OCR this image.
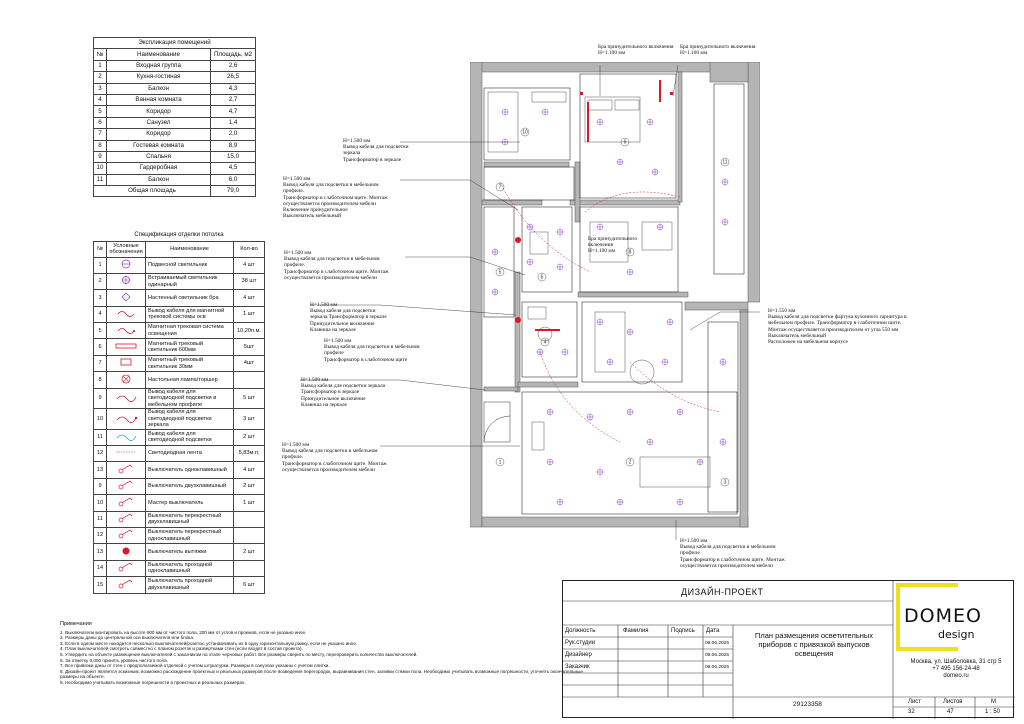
Экспликация помещений		
№	Наименование	Площадь, м2
1	Входная группа	2,6
2	Кухня-гостиная	26,5
3	Балкон	4,3
4	Ванная комната	2,7
5	Коридор	4,7
6	Санузел	1,4
7	Коридор	2,0
8	Гостевая комната	8,9
9	Спальня	15,0
10	Гардеробная	4,5
11	Балкон	6,0
Общая площадь		79,0
Спецификация отделки потолка			
№	Условные обозначения	Наименование	Кол-во
1		Подвесной светильник	4 шт
2		Встраиваемый светильник одинарный	38 шт
3		Настенный светильник бра	4 шт
4		Вывод кабеля для магнитной трековой системы осв	1 шт
5		Магнитная трековая система освещения	10,20п.м.
6		Магнитный трековый светильник 600мм	5шт
7		Магнитный трековый светильник 30мм	4шт
8		Настольная лампа/торшер	
9		Вывод кабеля для светодиодной подсветки в мебельном профиле	5 шт
10		Вывод кабеля для светодиодной подсветки зеркала	3 шт
11		Вывод кабеля для светодиодной подсветки	2 шт
12		Светодиодная лента	5,83м.п.
13		Выключатель одноклавишный	4 шт
9		Выключатель двухклавишный	2 шт
10		Мастер выключатель	1 шт
11		Выключатель перекрестный двухклавишный	
12		Выключатель перекрестный одноклавишный	
13		Выключатель вытяжки	2 шт
14		Выключатель проходной одноклавишный	
15		Выключатель проходной двухклавишный	6 шт
Примечания
1. Выключатели монтировать на высоте 900 мм от чистого пола, 200 мм от углов и проемов, если не указано иное.
2. Размеры даны до центральной оси выключателя или блока.
3. Если в одном месте находится несколько выключателей/розеток, устанавливать их в одну горизонтальную рамку, если не указано иное.
4. План выключателей смотреть совместно с планом розеток и развертками стен (если входят в состав проекта).
5. Утвердить на объекте размещение выключателей с заказчиком на этапе черновых работ. Все размеры сверить по месту, перепроверить количество выключателей.
6. За отметку 0,000 принять уровень чистого пола.
7. Все привязки даны от стен с предполагаемой отделкой с учетом штукатурки. Размеры в санузлах указаны с учетом плитки.
8. Дизайн-проект является эскизным, возможно расхождение проектных и реальных размеров после возведения перегородок, выравнивания стен, заливки стяжки пола. Необходимо учитывать возможные погрешности, уточнять окончательные размеры на объекте.
9. Необходимо учитывать возможные погрешности в проектных и реальных размерах.
1	2
3
4
5
6
7
8
9
10
11
Бра принудительного включения
H=1.100 мм
Бра принудительного включения
H=1.100 мм
H=1.500 мм
Вывод кабеля для подсветки
зеркала
Трансформатор в зеркале
H=1.500 мм
Вывод кабеля для подсветки в мебельном
профиле.
Трансформатор в слаботочном щите. Монтаж
осуществляется производителем мебели
Включение принудительное
Выключатель мебельный
H=1.500 мм
Вывод кабеля для подсветки в мебельном
профиле.
Трансформатор в слаботочном щите. Монтаж
осуществляется производителем мебели
Бра принудительного
включения
H=1.100 мм
H=1.550 мм
Вывод кабеля для подсветки фартука кухонного гарнитура в
мебельном профиле. Трансформатор в слаботочном щите.
Монтаж осуществляется производителем от угла 550 мм
Выключатель мебельный
Расположен на мебельном корпусе
H=1.500 мм
Вывод кабеля для подсветки
зеркала.Трансформатор в зеркале
Принудительное включение
Клавиша на зеркале
H=1.500 мм
Вывод кабеля для подсветки в мебельном
профиле
Трансформатор в слаботочном щите
H=1.500 мм
Вывод кабеля для подсветки зеркала
Трансформатор в зеркале
Принудительное включение
Клавиша на зеркале
H=1.500 мм
Вывод кабеля для подсветки в мебельном
профиле.
Трансформатор в слаботочном щите. Монтаж
осуществляется производителем мебели
H=1.500 мм
Вывод кабеля для подсветки в мебельном
профиле.
Трансформатор в слаботочном щите. Монтаж
осуществляется производителем мебели
ДИЗАЙН-ПРОЕКТ
Должность	Фамилия	Подпись Дата
Рук.студии	09.06.2025
Дизайнер	09.06.2025
Заказчик	09.06.2025
План размещения осветительных приборов с привязкой выпусков освещения
29123358	Лист	Листов	М
32	47	1 : 50
DOMEO
design
Москва, ул. Шаболовка, 31 стр 5
+7 495 156-24-48
domeo.ru
